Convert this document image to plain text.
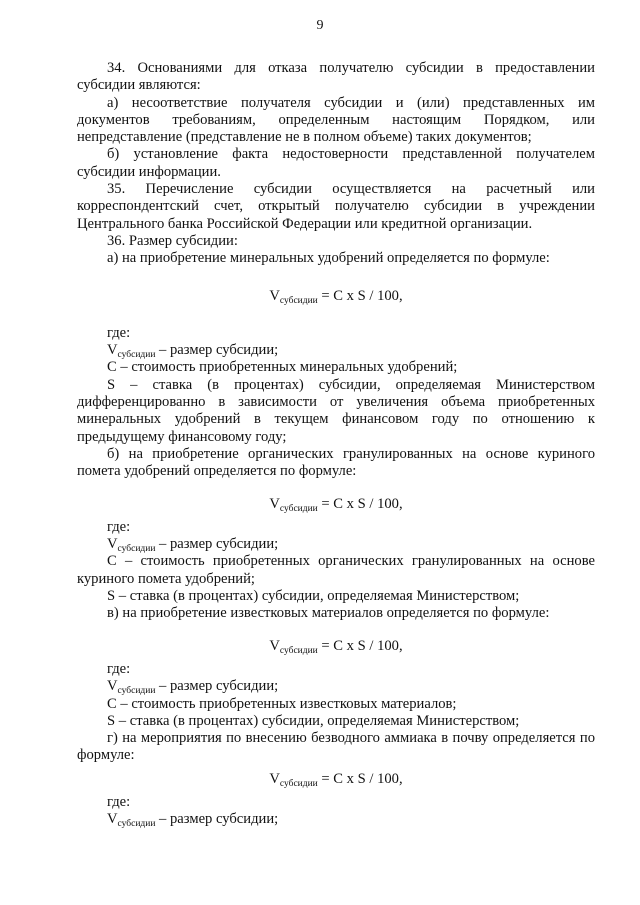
9

34. Основаниями для отказа получателю субсидии в предоставлении субсидии являются:

а) несоответствие получателя субсидии и (или) представленных им документов требованиям, определенным настоящим Порядком, или непредставление (представление не в полном объеме) таких документов;

б) установление факта недостоверности представленной получателем субсидии информации.

35. Перечисление субсидии осуществляется на расчетный или корреспондентский счет, открытый получателю субсидии в учреждении Центрального банка Российской Федерации или кредитной организации.

36. Размер субсидии:

а) на приобретение минеральных удобрений определяется по формуле:

$V_{субсидии} = C$ x S / 100,

где:

$V_{субсидии}$ – размер субсидии;

C – стоимость приобретенных минеральных удобрений;

S – ставка (в процентах) субсидии, определяемая Министерством дифференцированно в зависимости от увеличения объема приобретенных минеральных удобрений в текущем финансовом году по отношению к предыдущему финансовому году;

б) на приобретение органических гранулированных на основе куриного помета удобрений определяется по формуле:

$V_{субсидии} = C$ x S / 100,

где:

$V_{субсидии}$ – размер субсидии;

C – стоимость приобретенных органических гранулированных на основе куриного помета удобрений;

S – ставка (в процентах) субсидии, определяемая Министерством;

в) на приобретение известковых материалов определяется по формуле:

$V_{субсидии} = C$ x S / 100,

где:

$V_{субсидии}$ – размер субсидии;

C – стоимость приобретенных известковых материалов;

S – ставка (в процентах) субсидии, определяемая Министерством;

г) на мероприятия по внесению безводного аммиака в почву определяется по формуле:

$V_{субсидии} = C$ x S / 100,

где:

$V_{субсидии}$ – размер субсидии;
